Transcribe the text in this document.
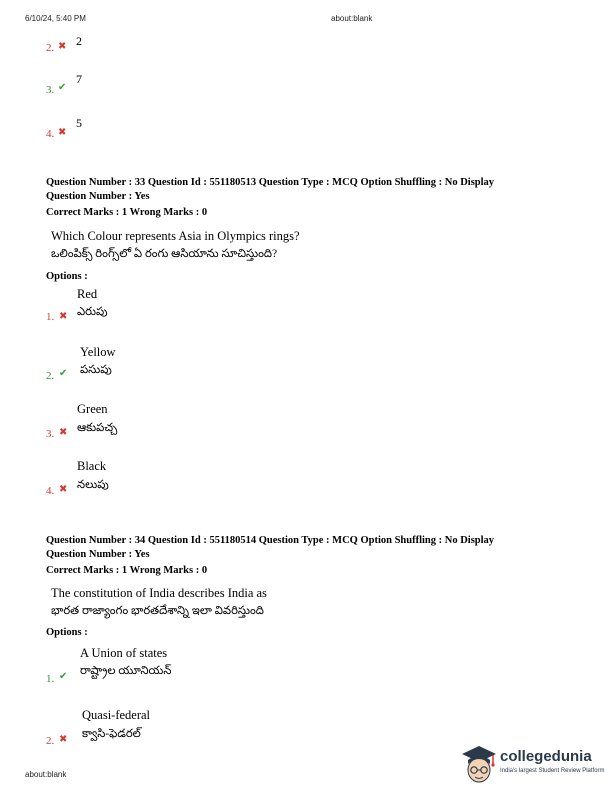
6/10/24, 5:40 PM	about:blank
2. ✖ 2
3. ✔
7
4. ✖
5
Question Number : 33 Question Id : 551180513 Question Type : MCQ Option Shuffling : No Display
Question Number : Yes
Correct Marks : 1 Wrong Marks : 0
Which Colour represents Asia in Olympics rings?
ఒలింపిక్స్ రింగ్స్‌లో ఏ రంగు ఆసియాను సూచిస్తుంది?
Options :
Red
1. ✖ ఎరుపు
Yellow
2. ✔ పసుపు
Green
3. ✖ ఆకుపచ్చ
Black
4. ✖ నలుపు
Question Number : 34 Question Id : 551180514 Question Type : MCQ Option Shuffling : No Display
Question Number : Yes
Correct Marks : 1 Wrong Marks : 0
The constitution of India describes India as
భారత రాజ్యాంగం భారతదేశాన్ని ఇలా వివరిస్తుంది
Options :
A Union of states
1. ✔ రాష్ట్రాల యూనియన్
Quasi-federal
2. ✖ క్వాసి-ఫెడరల్
about:blank
collegedunia
India's largest Student Review Platform
